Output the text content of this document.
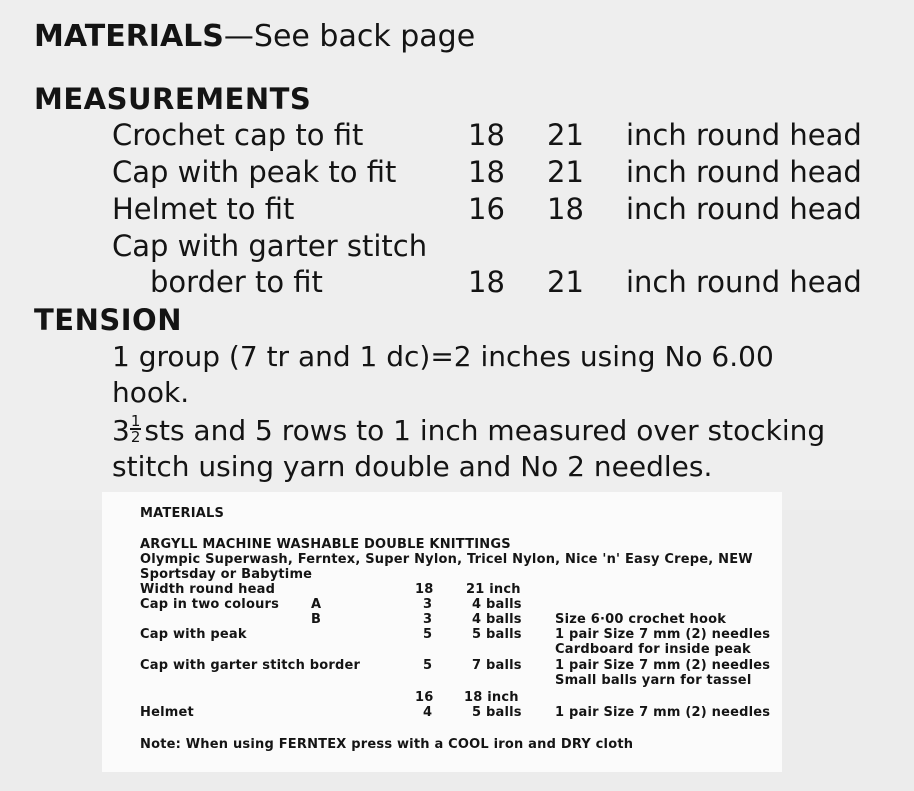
MATERIALS—See back page
MEASUREMENTS
Crochet cap to fit	18 21 inch round head
Cap with peak to fit 18 21 inch round head
Helmet to fit	16 18 inch round head
Cap with garter stitch
border to fit	18 21 inch round head
TENSION
1 group (7 tr and 1 dc)=2 inches using No 6.00
hook.
$3 \frac{1}{2}$ sts and 5 rows to 1 inch measured over stocking
stitch using yarn double and No 2 needles.
MATERIALS
ARGYLL MACHINE WASHABLE DOUBLE KNITTINGS
Olympic Superwash, Ferntex, Super Nylon, Tricel Nylon, Nice 'n' Easy Crepe, NEW
Sportsday or Babytime
Width round head	18	21 inch
Cap in two colours A	3	4 balls
B	3	4 balls	Size 6·00 crochet hook
Cap with peak	5	5 balls	1 pair Size 7 mm (2) needles
Cardboard for inside peak
Cap with garter stitch border	5	7 balls	1 pair Size 7 mm (2) needles
Small balls yarn for tassel
16 18 inch
Helmet	4	5 balls	1 pair Size 7 mm (2) needles
Note: When using FERNTEX press with a COOL iron and DRY cloth
